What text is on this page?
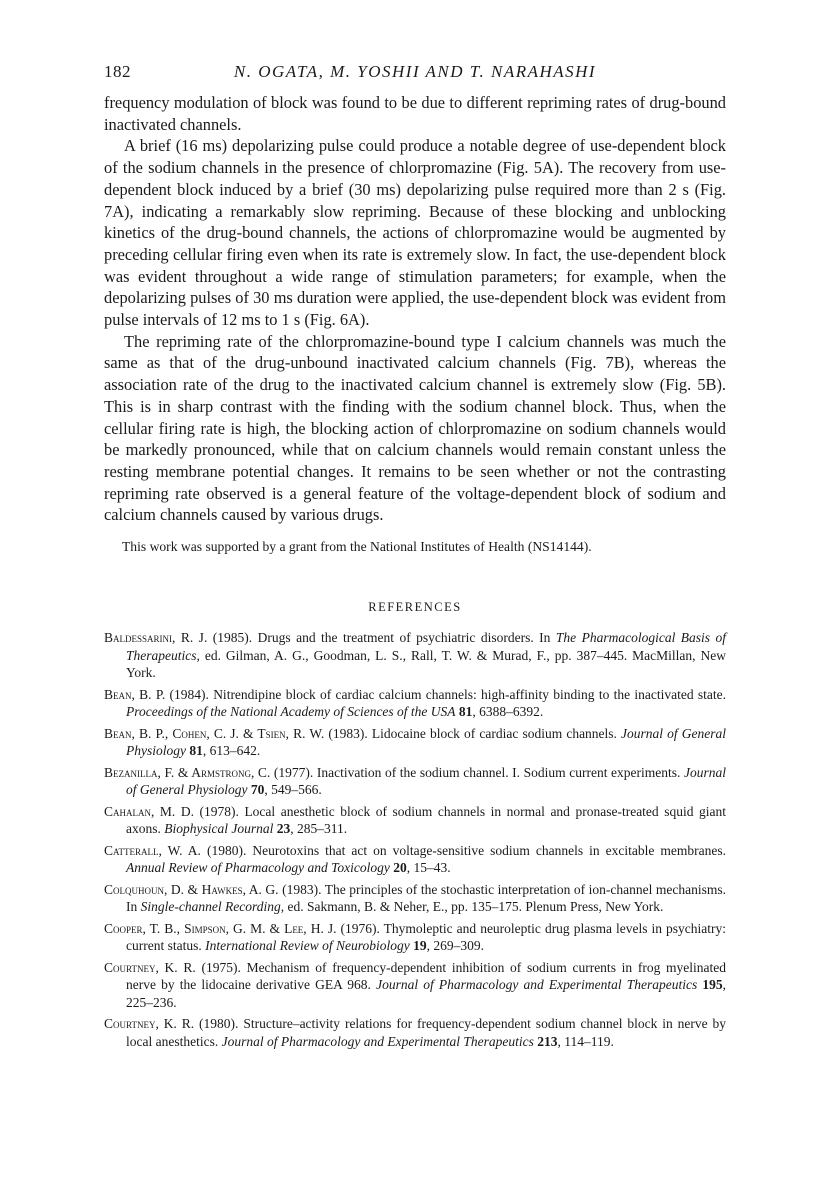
182	N. OGATA, M. YOSHII AND T. NARAHASHI

frequency modulation of block was found to be due to different repriming rates of drug-bound inactivated channels.

A brief (16 ms) depolarizing pulse could produce a notable degree of use-dependent block of the sodium channels in the presence of chlorpromazine (Fig. 5A). The recovery from use-dependent block induced by a brief (30 ms) depolarizing pulse required more than 2 s (Fig. 7A), indicating a remarkably slow repriming. Because of these blocking and unblocking kinetics of the drug-bound channels, the actions of chlorpromazine would be augmented by preceding cellular firing even when its rate is extremely slow. In fact, the use-dependent block was evident throughout a wide range of stimulation parameters; for example, when the depolarizing pulses of 30 ms duration were applied, the use-dependent block was evident from pulse intervals of 12 ms to 1 s (Fig. 6A).

The repriming rate of the chlorpromazine-bound type I calcium channels was much the same as that of the drug-unbound inactivated calcium channels (Fig. 7B), whereas the association rate of the drug to the inactivated calcium channel is extremely slow (Fig. 5B). This is in sharp contrast with the finding with the sodium channel block. Thus, when the cellular firing rate is high, the blocking action of chlorpromazine on sodium channels would be markedly pronounced, while that on calcium channels would remain constant unless the resting membrane potential changes. It remains to be seen whether or not the contrasting repriming rate observed is a general feature of the voltage-dependent block of sodium and calcium channels caused by various drugs.

This work was supported by a grant from the National Institutes of Health (NS14144).

REFERENCES
Baldessarini, R. J. (1985). Drugs and the treatment of psychiatric disorders. In The Pharmacological Basis of Therapeutics, ed. Gilman, A. G., Goodman, L. S., Rall, T. W. & Murad, F., pp. 387–445. MacMillan, New York.
Bean, B. P. (1984). Nitrendipine block of cardiac calcium channels: high-affinity binding to the inactivated state. Proceedings of the National Academy of Sciences of the USA 81, 6388–6392.
Bean, B. P., Cohen, C. J. & Tsien, R. W. (1983). Lidocaine block of cardiac sodium channels. Journal of General Physiology 81, 613–642.
Bezanilla, F. & Armstrong, C. (1977). Inactivation of the sodium channel. I. Sodium current experiments. Journal of General Physiology 70, 549–566.
Cahalan, M. D. (1978). Local anesthetic block of sodium channels in normal and pronase-treated squid giant axons. Biophysical Journal 23, 285–311.
Catterall, W. A. (1980). Neurotoxins that act on voltage-sensitive sodium channels in excitable membranes. Annual Review of Pharmacology and Toxicology 20, 15–43.
Colquhoun, D. & Hawkes, A. G. (1983). The principles of the stochastic interpretation of ion-channel mechanisms. In Single-channel Recording, ed. Sakmann, B. & Neher, E., pp. 135–175. Plenum Press, New York.
Cooper, T. B., Simpson, G. M. & Lee, H. J. (1976). Thymoleptic and neuroleptic drug plasma levels in psychiatry: current status. International Review of Neurobiology 19, 269–309.
Courtney, K. R. (1975). Mechanism of frequency-dependent inhibition of sodium currents in frog myelinated nerve by the lidocaine derivative GEA 968. Journal of Pharmacology and Experimental Therapeutics 195, 225–236.
Courtney, K. R. (1980). Structure–activity relations for frequency-dependent sodium channel block in nerve by local anesthetics. Journal of Pharmacology and Experimental Therapeutics 213, 114–119.
